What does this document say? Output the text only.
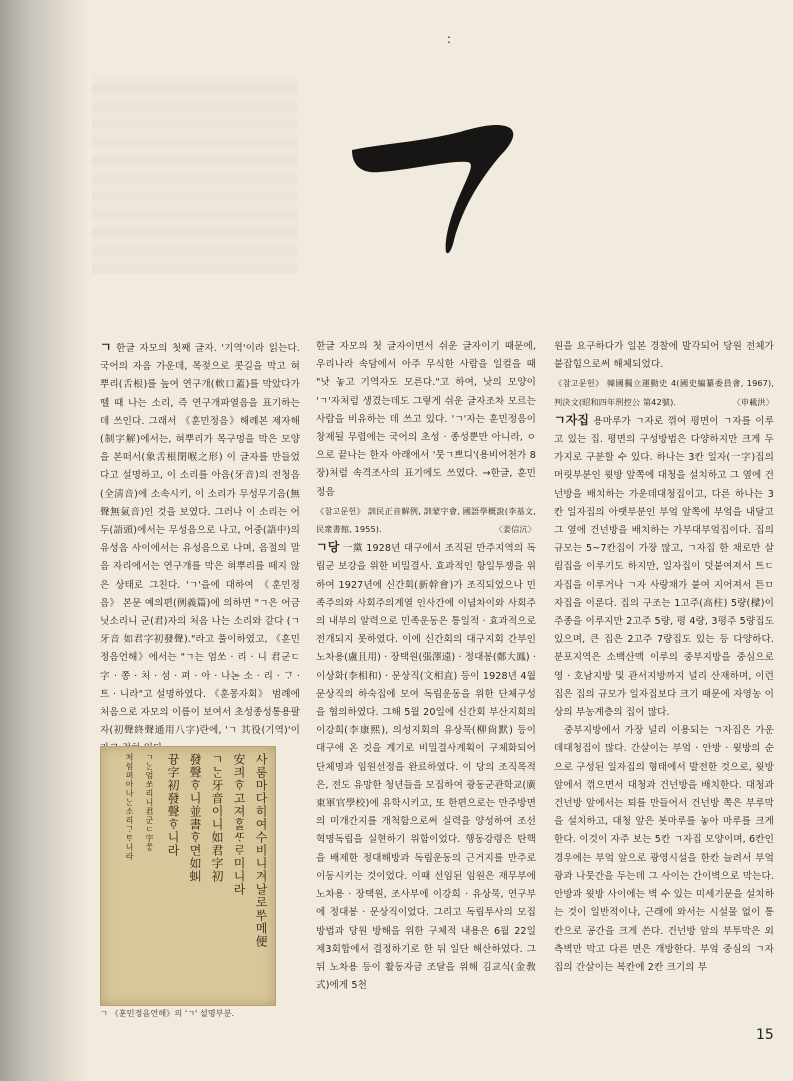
:

ㄱ 한글 자모의 첫째 글자. '기역'이라 읽는다. 국어의 자음 가운데, 목젖으로 콧길을 막고 혀뿌리(舌根)를 높여 연구개(軟口蓋)를 막았다가 뗄 때 나는 소리, 즉 연구개파열음을 표기하는 데 쓰인다. 그래서 《훈민정음》해례본 제자해(制字解)에서는, 혀뿌리가 목구멍을 막은 모양을 본떠서(象舌根閉喉之形) 이 글자를 만들었다고 설명하고, 이 소리를 아음(牙音)의 전청음(全淸音)에 소속시키, 이 소리가 무성무기음(無聲無氣音)인 것을 보였다. 그러나 이 소리는 어두(語頭)에서는 무성음으로 나고, 어중(語中)의 유성음 사이에서는 유성음으로 나며, 음절의 말음 자리에서는 연구개를 막은 혀뿌리를 떼지 않은 상태로 그친다. 'ㄱ'을에 대하여 《훈민정음》 본문 예의편(例義篇)에 의하면 "ㄱ은 어금닛소리니 군(君)자의 처음 나는 소리와 같다 (ㄱ 牙音 如君字初發聲)."라고 풀이하였고, 《훈민정음언해》에서는 "ㄱ는 엄쏘 · 리 · 니 君군ㄷ字 · 쫑 · 처 · 섬 · 펴 · 아 · 나논 소 · 리 · ᄀᆞ · 트 · 니라"고 설명하였다. 《훈몽자회》 범례에 처음으로 자모의 이름이 보여서 초성종성통용팔자(初聲終聲通用八字)란에, 'ㄱ 其役(기역)'이

한글 자모의 첫 글자이면서 쉬운 글자이기 때문에, 우리나라 속담에서 아주 무식한 사람을 일컬을 때 "낫 놓고 기역자도 모른다."고 하여, 낫의 모양이 'ㄱ'자처럼 생겼는데도 그렇게 쉬운 글자조차 모르는 사람을 비유하는 데 쓰고 있다. 'ㄱ'자는 훈민정음이 창제될 무렵에는 국어의 초성 · 종성뿐만 아니라, ㅇ으로 끝나는 한자 아래에서 '뭇ㄱ쁘디'(용비어천가 8장)처럼 속격조사의 표기에도 쓰였다. →한글, 훈민정음

《참고문헌》 訓民正音解例, 訓蒙字會, 國語學概說(李基文, 民衆書館, 1955).	〈姜信沆〉

ㄱ당 一黨 1928년 대구에서 조직된 만주지역의 독립군 보강을 위한 비밀결사. 효과적인 항일투쟁을 위하여 1927년에 신간회(新幹會)가 조직되었으나 민족주의와 사회주의계열 인사간에 이념차이와 사회주의 내부의 알력으로 민족운동은 통일적 · 효과적으로 전개되지 못하였다. 이에 신간회의 대구지회 간부인 노차용(盧且用) · 장택원(張澤遠) · 정대봉(鄭大鳳) · 이상화(李相和) · 문상직(文相直) 등이 1928년 4월 문상직의 하숙집에 모여 독립운동을 위한 단체구성을 협의하였다. 그해 5월 20일에 신간회 부산지회의 이강희(李康熙), 의성지회의 유상묵(柳尙默) 등이 대구에 온 것을 계기로 비밀결사계획이 구체화되어 단체명과 임원선정을 완료하였다. 이 당의 조직목적은, 전도 유망한 청년들을 모집하여 광동군관학교(廣東軍官學校)에 유학시키고, 또 한편으로는 만주방면의 미개간지를 개척함으로써 실력을 양성하여 조선혁명독립을 실현하기 위함이었다. 행동강령은 탄핵을 배제한 정대해방과 독립운동의 근거지를 만주로 이동시키는 것이었다. 이때 선임된 임원은 재무부에 노차용 · 장택원, 조사부에 이강희 · 유상묵, 연구부에 정대봉 · 문상직이었다. 그리고 독립투사의 모집방법과 당원 방해을 위한 구체적 내용은 6월 22일 제3회합에서 결정하기로 한 뒤 일단 해산하였다. 그뒤 노차용 등이 활동자금 조달을 위해 김교식(金敎式)에게 5천

원을 요구하다가 일본 경찰에 발각되어 당원 전체가 붙잡힘으로써 해체되었다.

《참고문헌》 韓國獨立運動史 4(國史編纂委員會, 1967), 判決文(昭和四年刑控公 第42號).	〈申載洪〉

ㄱ자집 용마루가 ㄱ자로 꺾여 평면이 ㄱ자를 이루고 있는 집. 평면의 구성방법은 다양하지만 크게 두가지로 구분할 수 있다. 하나는 3칸 일자(一字)집의 머릿부분인 윗방 앞쪽에 대청을 설치하고 그 옆에 건넌방을 배치하는 가운데대청집이고, 다른 하나는 3칸 일자집의 아랫부분인 부엌 앞쪽에 부엌을 내달고 그 옆에 건넌방을 배치하는 가부대부엌집이다. 집의 규모는 5~7칸집이 가장 많고, ㄱ자집 한 채로만 살림집을 이루기도 하지만, 일자집이 덧붙여져서 트ㄷ자집을 이루거나 ㄱ자 사랑채가 붙여 지어져서 튼ㅁ자집을 이룬다. 집의 구조는 1고주(高柱) 5량(樑)이 주종을 이루지만 2고주 5량, 평 4량, 3평주 5량집도 있으며, 큰 집은 2고주 7량집도 있는 등 다양하다. 분포지역은 소백산맥 이루의 중부지방을 중심으로 영 · 호남지방 및 관서지방까지 널리 산재하며, 이런 집은 집의 규모가 일자집보다 크기 때문에 자영농 이상의 부농계층의 집이 많다.

중부지방에서 가장 널리 이용되는 ㄱ자집은 가운데대청집이 많다. 간살이는 부엌 · 안방 · 윗방의 순으로 구성된 일자집의 형태에서 발전한 것으로, 윗방 앞에서 꺾으면서 대청과 건넌방을 배치한다. 대청과 건넌방 앞에서는 퇴를 만들어서 건넌방 쪽은 부루막을 설치하고, 대청 앞은 봇마루를 놓아 마루를 크게 한다. 이것이 자주 보는 5칸 ㄱ자집 모양이며, 6칸인 경우에는 부엌 앞으로 광영시설을 한칸 늘려서 부엌광과 나뭇간을 두는데 그 사이는 간이벽으로 막는다. 안방과 윗방 사이에는 벽 수 있는 미세기문을 설치하는 것이 일반적이나, 근래에 와서는 시설물 없이 통칸으로 공간을 크게 쓴다. 건넌방 앞의 부투막은 외측벽만 막고 다른 면은 개방한다. 부엌 중심의 ㄱ자집의 간살이는 복칸에 2칸 크기의 부

사룸마다히여수비니겨날로ᄡᅮ메便
安킈ᄒᆞ고져ᄒᆞᆯᄯᆞᄅᆞ미니라
ㄱᄂᆞᆫ牙音이니如君字初
發聲ᄒᆞ니並書ᄒᆞ면如虯
뀽字初發聲ᄒᆞ니라
ㄱᄂᆞᆫ엄쏘리니君군ㄷ字ᄍᆞᆼ
처ᅀᅥᆷ펴아나ᄂᆞᆫ소리ᄀᆞᄐᆞ니라
ㄱ 《훈민정음언해》의 'ㄱ' 설명부분.
15
